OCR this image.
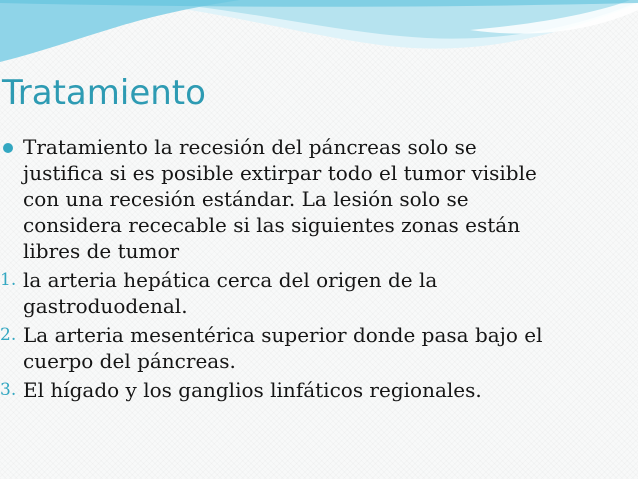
Tratamiento
Tratamiento la recesión del páncreas solo se
justifica si es posible extirpar todo el tumor visible
con una recesión estándar. La lesión solo se
considera rececable si las siguientes zonas están
libres de tumor
1. la arteria hepática cerca del origen de la
gastroduodenal.
2. La arteria mesentérica superior donde pasa bajo el
cuerpo del páncreas.
3. El hígado y los ganglios linfáticos regionales.
